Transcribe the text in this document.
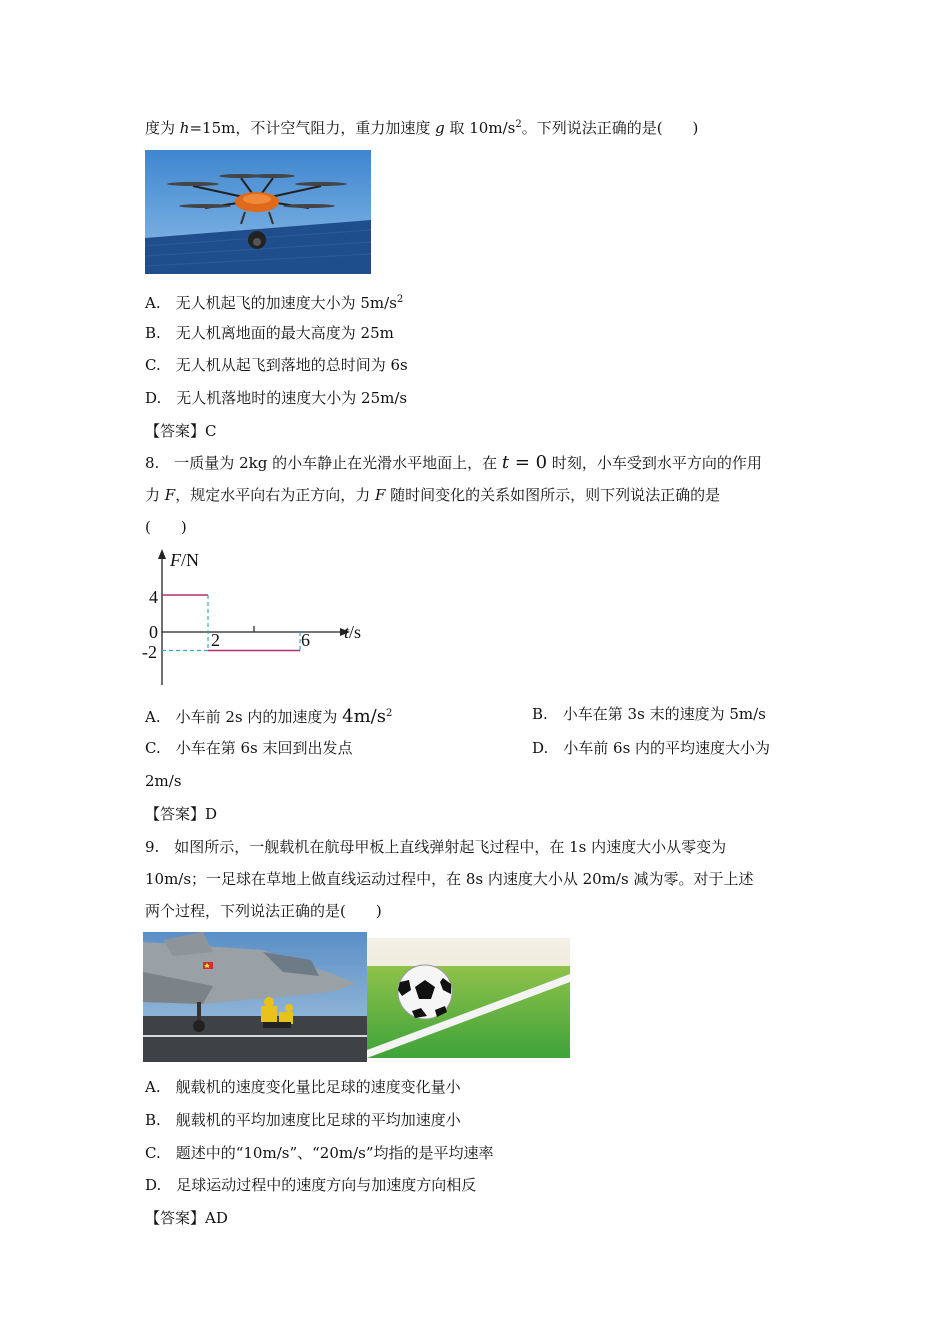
度为 h=15m，不计空气阻力，重力加速度 g 取 $10m/s^2$。下列说法正确的是(　　)
A.　无人机起飞的加速度大小为 $5m/s^2$
B.　无人机离地面的最大高度为 25m
C.　无人机从起飞到落地的总时间为 6s
D.　无人机落地时的速度大小为 25m/s
【答案】C
8.　一质量为 2kg 的小车静止在光滑水平地面上，在 t = 0 时刻，小车受到水平方向的作用
力 F，规定水平向右为正方向，力 F 随时间变化的关系如图所示，则下列说法正确的是
(　　)
F/N
t/s
4
0
-2
2	6
A.　小车前 2s 内的加速度为 $4m/s^2$	B.　小车在第 3s 末的速度为 5m/s
C.　小车在第 6s 末回到出发点	D.　小车前 6s 内的平均速度大小为
2m/s
【答案】D
9.　如图所示，一舰载机在航母甲板上直线弹射起飞过程中，在 1s 内速度大小从零变为
10m/s；一足球在草地上做直线运动过程中，在 8s 内速度大小从 20m/s 减为零。对于上述
两个过程，下列说法正确的是(　　)
A.　舰载机的速度变化量比足球的速度变化量小
B.　舰载机的平均加速度比足球的平均加速度小
C.　题述中的“10m/s”、“20m/s”均指的是平均速率
D.　足球运动过程中的速度方向与加速度方向相反
【答案】AD
